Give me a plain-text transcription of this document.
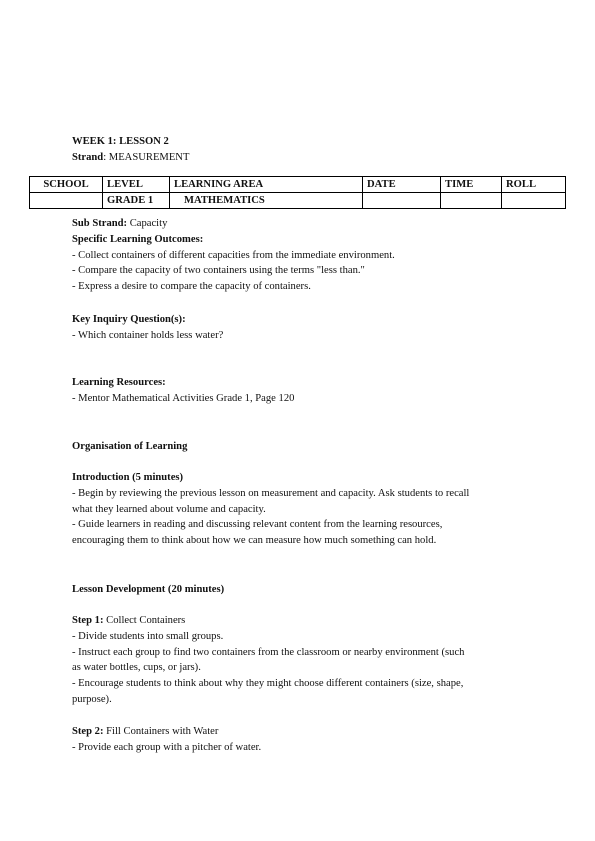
WEEK 1: LESSON 2
Strand: MEASUREMENT
SCHOOL	LEVEL	LEARNING AREA	DATE	TIME	ROLL
	GRADE 1	MATHEMATICS			
Sub Strand: Capacity
Specific Learning Outcomes:
- Collect containers of different capacities from the immediate environment.
- Compare the capacity of two containers using the terms "less than."
- Express a desire to compare the capacity of containers.
Key Inquiry Question(s):
- Which container holds less water?
Learning Resources:
- Mentor Mathematical Activities Grade 1, Page 120
Organisation of Learning
Introduction (5 minutes)
- Begin by reviewing the previous lesson on measurement and capacity. Ask students to recall
what they learned about volume and capacity.
- Guide learners in reading and discussing relevant content from the learning resources,
encouraging them to think about how we can measure how much something can hold.
Lesson Development (20 minutes)
Step 1: Collect Containers
- Divide students into small groups.
- Instruct each group to find two containers from the classroom or nearby environment (such
as water bottles, cups, or jars).
- Encourage students to think about why they might choose different containers (size, shape,
purpose).
Step 2: Fill Containers with Water
- Provide each group with a pitcher of water.
